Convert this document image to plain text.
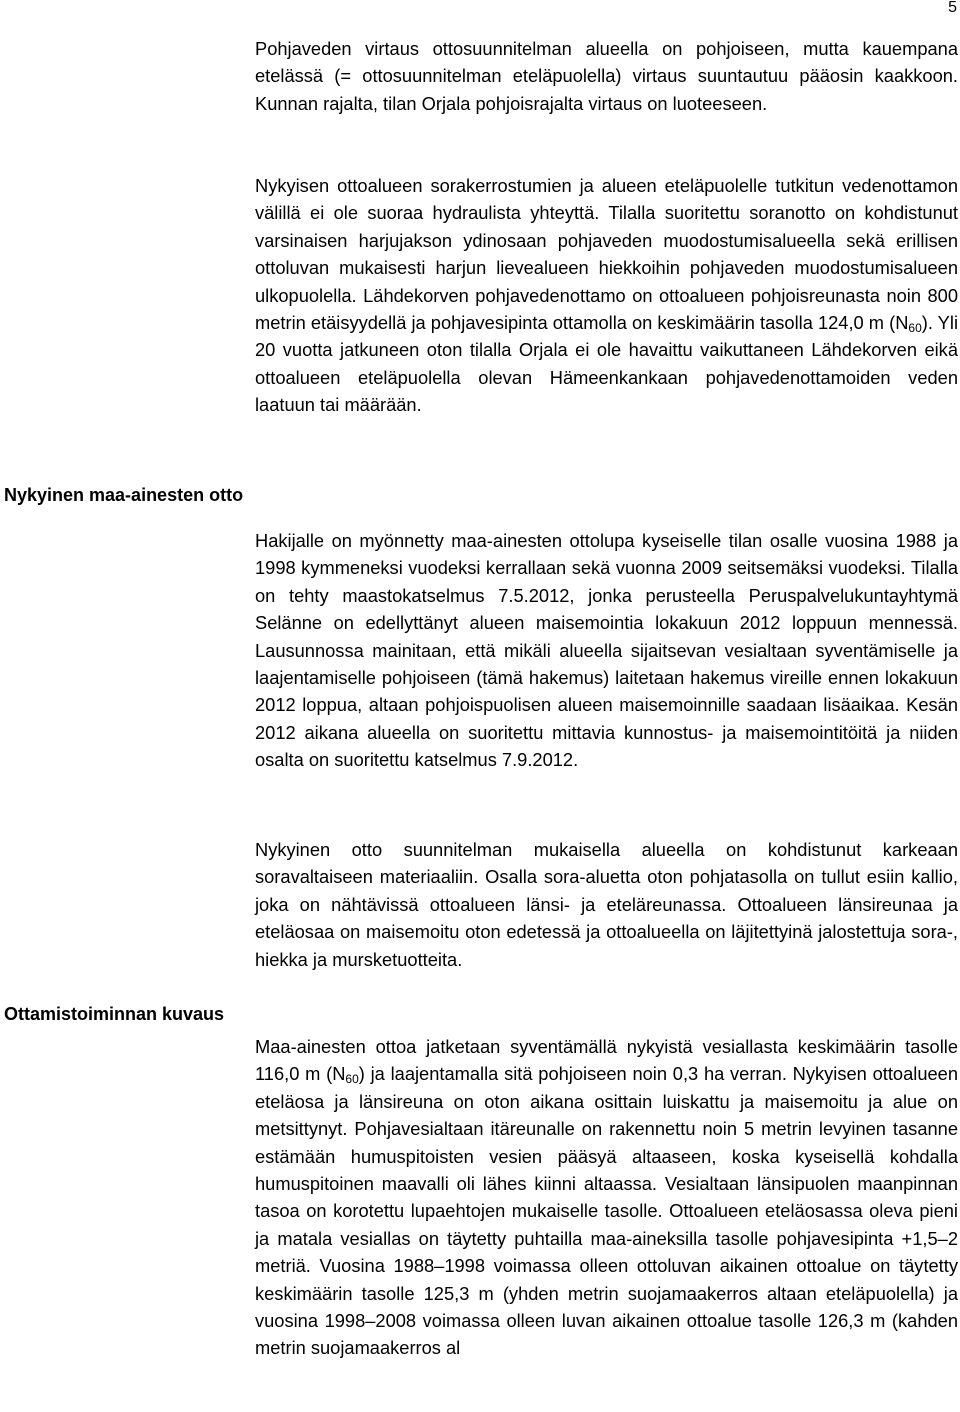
5

Pohjaveden virtaus ottosuunnitelman alueella on pohjoiseen, mutta kauempana etelässä (= ottosuunnitelman eteläpuolella) virtaus suuntautuu pääosin kaakkoon. Kunnan rajalta, tilan Orjala pohjoisrajalta virtaus on luoteeseen.

Nykyisen ottoalueen sorakerrostumien ja alueen eteläpuolelle tutkitun vedenottamon välillä ei ole suoraa hydraulista yhteyttä. Tilalla suoritettu soranotto on kohdistunut varsinaisen harjujakson ydinosaan pohjaveden muodostumisalueella sekä erillisen ottoluvan mukaisesti harjun lievealueen hiekkoihin pohjaveden muodostumisalueen ulkopuolella. Lähdekorven pohjavedenottamo on ottoalueen pohjoisreunasta noin 800 metrin etäisyydellä ja pohjavesipinta ottamolla on keskimäärin tasolla 124,0 m $(N_{60})$. Yli 20 vuotta jatkuneen oton tilalla Orjala ei ole havaittu vaikuttaneen Lähdekorven eikä ottoalueen eteläpuolella olevan Hämeenkankaan pohjavedenottamoiden veden laatuun tai määrään.

Nykyinen maa-ainesten otto

Hakijalle on myönnetty maa-ainesten ottolupa kyseiselle tilan osalle vuosina 1988 ja 1998 kymmeneksi vuodeksi kerrallaan sekä vuonna 2009 seitsemäksi vuodeksi. Tilalla on tehty maastokatselmus 7.5.2012, jonka perusteella Peruspalvelukuntayhtymä Selänne on edellyttänyt alueen maisemointia lokakuun 2012 loppuun mennessä. Lausunnossa mainitaan, että mikäli alueella sijaitsevan vesialtaan syventämiselle ja laajentamiselle pohjoiseen (tämä hakemus) laitetaan hakemus vireille ennen lokakuun 2012 loppua, altaan pohjoispuolisen alueen maisemoinnille saadaan lisäaikaa. Kesän 2012 aikana alueella on suoritettu mittavia kunnostus- ja maisemointitöitä ja niiden osalta on suoritettu katselmus 7.9.2012.

Nykyinen otto suunnitelman mukaisella alueella on kohdistunut karkeaan soravaltaiseen materiaaliin. Osalla sora-aluetta oton pohjatasolla on tullut esiin kallio, joka on nähtävissä ottoalueen länsi- ja eteläreunassa. Ottoalueen länsireunaa ja eteläosaa on maisemoitu oton edetessä ja ottoalueella on läjitettyinä jalostettuja sora-, hiekka ja mursketuotteita.

Ottamistoiminnan kuvaus

Maa-ainesten ottoa jatketaan syventämällä nykyistä vesiallasta keskimäärin tasolle 116,0 m $(N_{60})$ ja laajentamalla sitä pohjoiseen noin 0,3 ha verran. Nykyisen ottoalueen eteläosa ja länsireuna on oton aikana osittain luiskattu ja maisemoitu ja alue on metsittynyt. Pohjavesialtaan itäreunalle on rakennettu noin 5 metrin levyinen tasanne estämään humuspitoisten vesien pääsyä altaaseen, koska kyseisellä kohdalla humuspitoinen maavalli oli lähes kiinni altaassa. Vesialtaan länsipuolen maanpinnan tasoa on korotettu lupaehtojen mukaiselle tasolle. Ottoalueen eteläosassa oleva pieni ja matala vesiallas on täytetty puhtailla maa-aineksilla tasolle pohjavesipinta +1,5–2 metriä. Vuosina 1988–1998 voimassa olleen ottoluvan aikainen ottoalue on täytetty keskimäärin tasolle 125,3 m (yhden metrin suojamaakerros altaan eteläpuolella) ja vuosina 1998–2008 voimassa olleen luvan aikainen ottoalue tasolle 126,3 m (kahden metrin suojamaakerros al
